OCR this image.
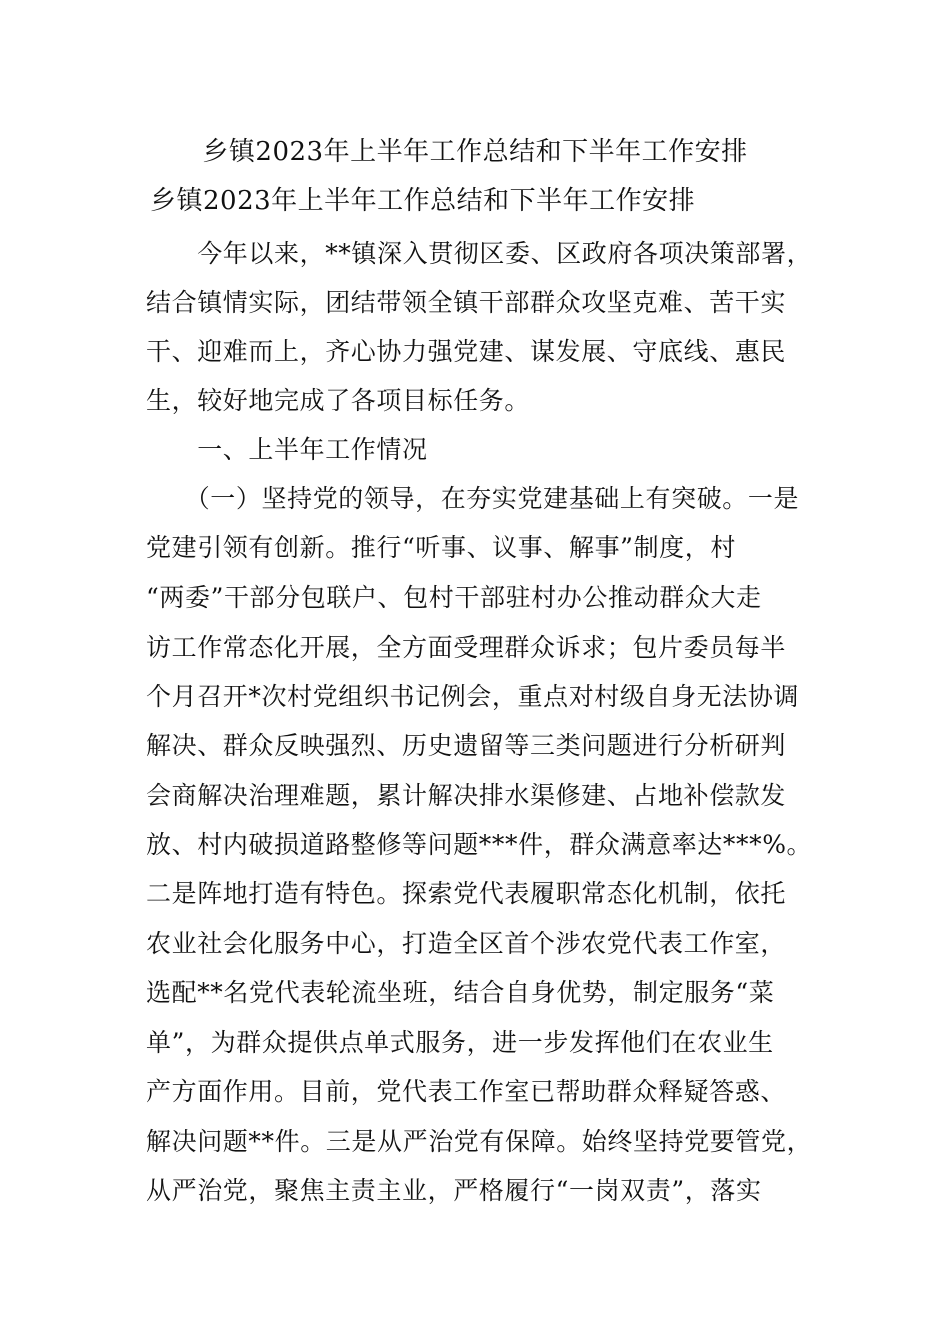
乡镇2023年上半年工作总结和下半年工作安排
乡镇2023年上半年工作总结和下半年工作安排
　　今年以来，**镇深入贯彻区委、区政府各项决策部署，
结合镇情实际，团结带领全镇干部群众攻坚克难、苦干实
干、迎难而上，齐心协力强党建、谋发展、守底线、惠民
生，较好地完成了各项目标任务。
　　一、上半年工作情况
　　（一）坚持党的领导，在夯实党建基础上有突破。一是
党建引领有创新。推行“听事、议事、解事”制度，村
“两委”干部分包联户、包村干部驻村办公推动群众大走
访工作常态化开展，全方面受理群众诉求；包片委员每半
个月召开*次村党组织书记例会，重点对村级自身无法协调
解决、群众反映强烈、历史遗留等三类问题进行分析研判
会商解决治理难题，累计解决排水渠修建、占地补偿款发
放、村内破损道路整修等问题***件，群众满意率达***%。
二是阵地打造有特色。探索党代表履职常态化机制，依托
农业社会化服务中心，打造全区首个涉农党代表工作室，
选配**名党代表轮流坐班，结合自身优势，制定服务“菜
单”，为群众提供点单式服务，进一步发挥他们在农业生
产方面作用。目前，党代表工作室已帮助群众释疑答惑、
解决问题**件。三是从严治党有保障。始终坚持党要管党，
从严治党，聚焦主责主业，严格履行“一岗双责”，落实
